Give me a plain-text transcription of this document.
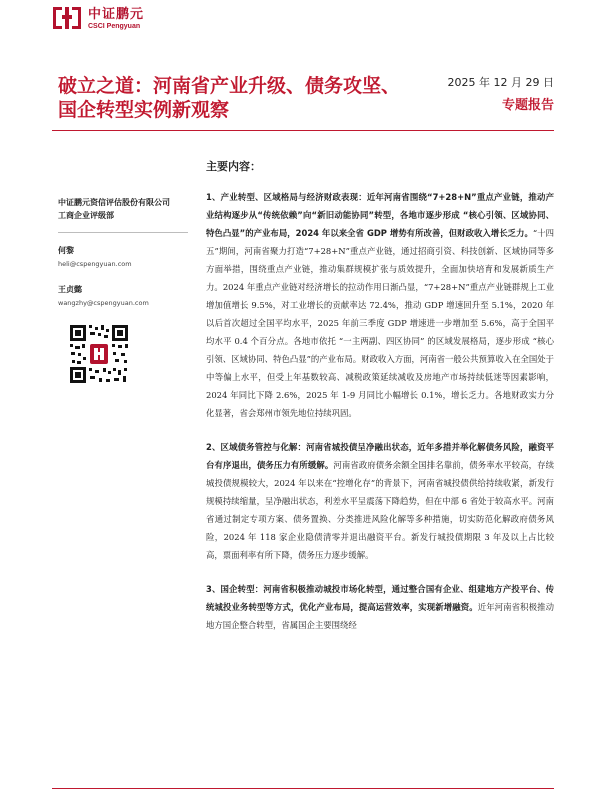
中证鹏元
CSCI Pengyuan
破立之道：河南省产业升级、债务攻坚、
国企转型实例新观察
2025 年 12 月 29 日
专题报告
中证鹏元资信评估股份有限公司
工商企业评级部
何黎
heli@cspengyuan.com
王贞懿
wangzhy@cspengyuan.com
主要内容：

1、产业转型、区域格局与经济财政表现：近年河南省围绕“7+28+N”重点产业链，推动产业结构逐步从“传统依赖”向“新旧动能协同”转型，各地市逐步形成 “核心引领、区域协同、特色凸显”的产业布局，2024 年以来全省 GDP 增势有所改善，但财政收入增长乏力。“十四五”期间，河南省聚力打造“7+28+N”重点产业链，通过招商引资、科技创新、区域协同等多方面举措，围绕重点产业链，推动集群规模扩张与质效提升，全面加快培育和发展新质生产力。2024 年重点产业链对经济增长的拉动作用日渐凸显，“7+28+N”重点产业链群规上工业增加值增长 9.5%，对工业增长的贡献率达 72.4%，推动 GDP 增速回升至 5.1%，2020 年以后首次超过全国平均水平，2025 年前三季度 GDP 增速进一步增加至 5.6%，高于全国平均水平 0.4 个百分点。各地市依托 “一主两副、四区协同” 的区域发展格局，逐步形成 “核心引领、区域协同、特色凸显”的产业布局。财政收入方面，河南省一般公共预算收入在全国处于中等偏上水平，但受上年基数较高、减税政策延续减收及房地产市场持续低迷等因素影响，2024 年同比下降 2.6%，2025 年 1-9 月同比小幅增长 0.1%，增长乏力。各地财政实力分化显著，省会郑州市领先地位持续巩固。

2、区域债务管控与化解：河南省城投债呈净融出状态，近年多措并举化解债务风险，融资平台有序退出，债务压力有所缓解。河南省政府债务余额全国排名靠前，债务率水平较高，存续城投债规模较大，2024 年以来在“控增化存”的背景下，河南省城投债供给持续收紧，新发行规模持续缩量，呈净融出状态，利差水平呈震荡下降趋势，但在中部 6 省处于较高水平。河南省通过制定专项方案、债务置换、分类推进风险化解等多种措施，切实防范化解政府债务风险，2024 年 118 家企业隐债清零并退出融资平台。新发行城投债期限 3 年及以上占比较高，票面利率有所下降，债务压力逐步缓解。

3、国企转型：河南省积极推动城投市场化转型，通过整合国有企业、组建地方产投平台、传统城投业务转型等方式，优化产业布局，提高运营效率，实现新增融资。近年河南省积极推动地方国企整合转型，省属国企主要围绕经
